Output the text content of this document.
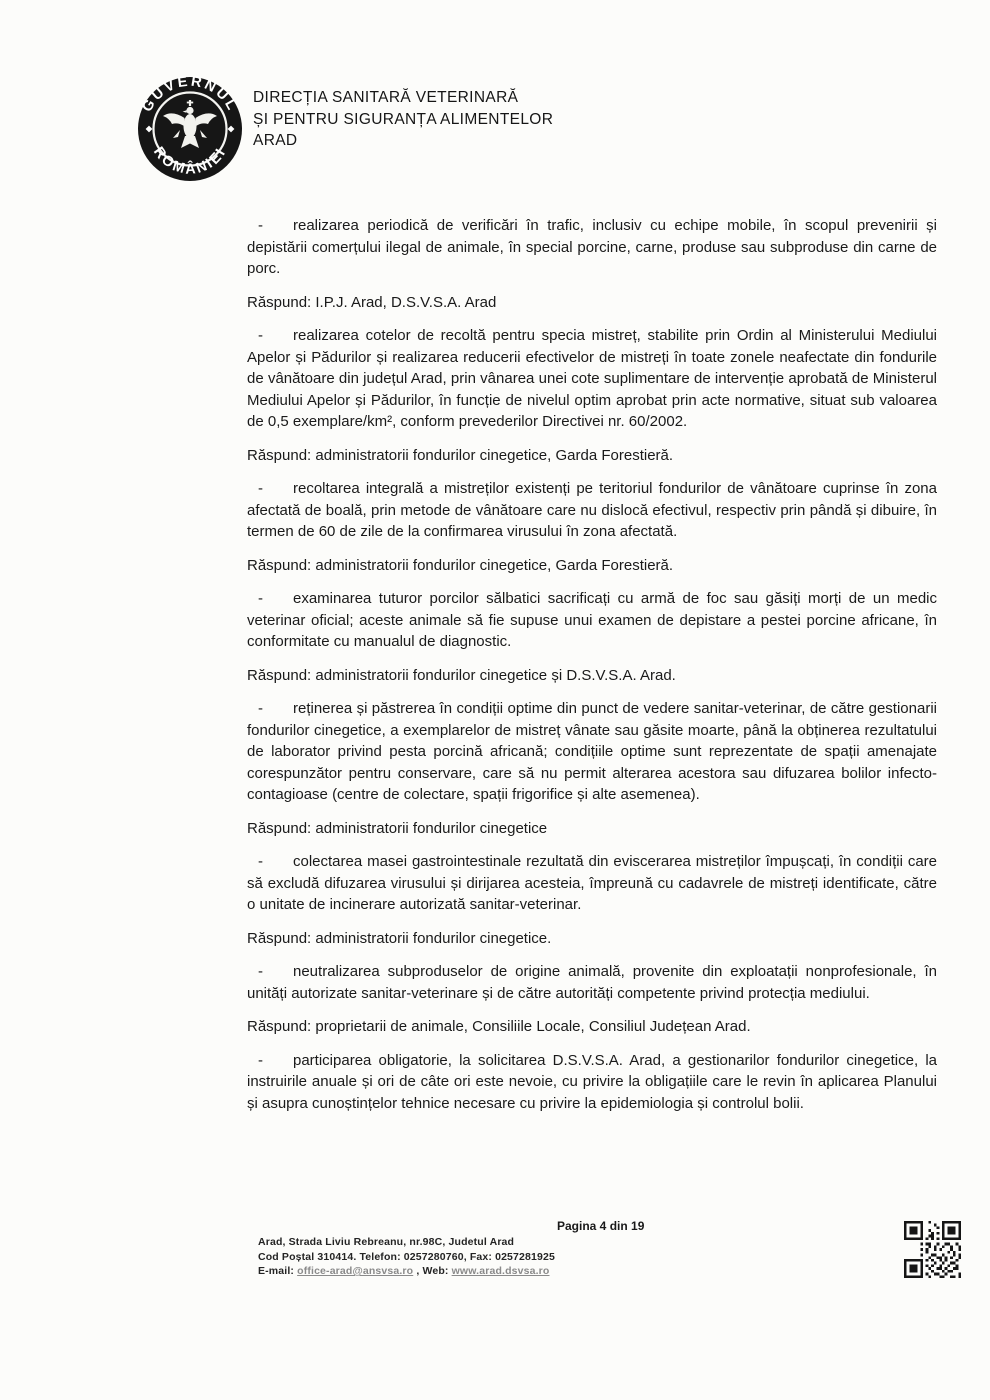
GUVERNUL
ROMÂNIEI
DIRECȚIA SANITARĂ VETERINARĂ
ȘI PENTRU SIGURANȚA ALIMENTELOR
ARAD

- realizarea periodică de verificări în trafic, inclusiv cu echipe mobile, în scopul prevenirii și depistării comerțului ilegal de animale, în special porcine, carne, produse sau subproduse din carne de porc.

Răspund: I.P.J. Arad, D.S.V.S.A. Arad

- realizarea cotelor de recoltă pentru specia mistreț, stabilite prin Ordin al Ministerului Mediului Apelor și Pădurilor și realizarea reducerii efectivelor de mistreți în toate zonele neafectate din fondurile de vânătoare din județul Arad, prin vânarea unei cote suplimentare de intervenție aprobată de Ministerul Mediului Apelor și Pădurilor, în funcție de nivelul optim aprobat prin acte normative, situat sub valoarea de 0,5 exemplare/km², conform prevederilor Directivei nr. 60/2002.

Răspund: administratorii fondurilor cinegetice, Garda Forestieră.

- recoltarea integrală a mistreților existenți pe teritoriul fondurilor de vânătoare cuprinse în zona afectată de boală, prin metode de vânătoare care nu dislocă efectivul, respectiv prin pândă și dibuire, în termen de 60 de zile de la confirmarea virusului în zona afectată.

Răspund: administratorii fondurilor cinegetice, Garda Forestieră.

- examinarea tuturor porcilor sălbatici sacrificați cu armă de foc sau găsiți morți de un medic veterinar oficial; aceste animale să fie supuse unui examen de depistare a pestei porcine africane, în conformitate cu manualul de diagnostic.

Răspund: administratorii fondurilor cinegetice și D.S.V.S.A. Arad.

- reținerea și păstrerea în condiții optime din punct de vedere sanitar-veterinar, de către gestionarii fondurilor cinegetice, a exemplarelor de mistreț vânate sau găsite moarte, până la obținerea rezultatului de laborator privind pesta porcină africană; condițiile optime sunt reprezentate de spații amenajate corespunzător pentru conservare, care să nu permit alterarea acestora sau difuzarea bolilor infecto-contagioase (centre de colectare, spații frigorifice și alte asemenea).

Răspund: administratorii fondurilor cinegetice

- colectarea masei gastrointestinale rezultată din eviscerarea mistreților împușcați, în condiții care să excludă difuzarea virusului și dirijarea acesteia, împreună cu cadavrele de mistreți identificate, către o unitate de incinerare autorizată sanitar-veterinar.

Răspund: administratorii fondurilor cinegetice.

- neutralizarea subproduselor de origine animală, provenite din exploatații nonprofesionale, în unități autorizate sanitar-veterinare și de către autorități competente privind protecția mediului.

Răspund: proprietarii de animale, Consiliile Locale, Consiliul Județean Arad.

- participarea obligatorie, la solicitarea D.S.V.S.A. Arad, a gestionarilor fondurilor cinegetice, la instruirile anuale și ori de câte ori este nevoie, cu privire la obligațiile care le revin în aplicarea Planului și asupra cunoștințelor tehnice necesare cu privire la epidemiologia și controlul bolii.

Pagina 4 din 19
Arad, Strada Liviu Rebreanu, nr.98C, Judetul Arad
Cod Poștal 310414. Telefon: 0257280760, Fax: 0257281925
E-mail: office-arad@ansvsa.ro , Web: www.arad.dsvsa.ro
